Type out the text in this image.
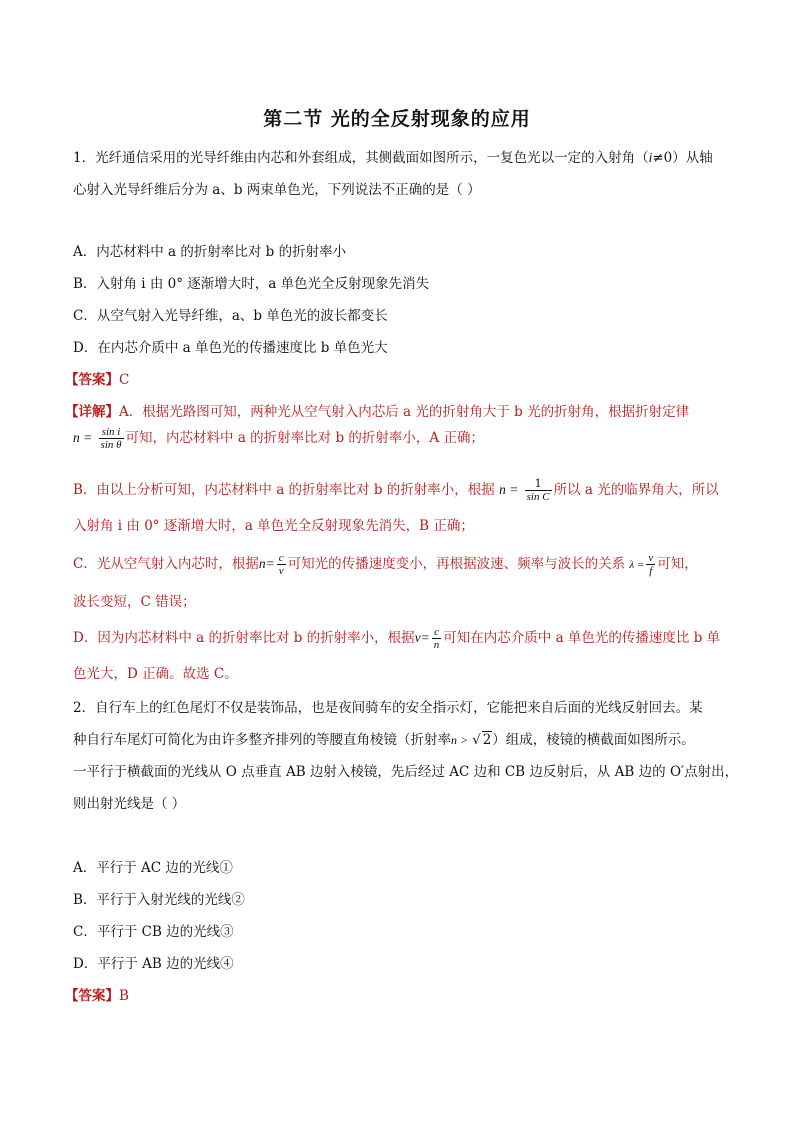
第二节 光的全反射现象的应用
1．光纤通信采用的光导纤维由内芯和外套组成，其侧截面如图所示，一复色光以一定的入射角（i≠0）从轴
心射入光导纤维后分为 a、b 两束单色光，下列说法不正确的是（ ）
A．内芯材料中 a 的折射率比对 b 的折射率小
B．入射角 i 由 0° 逐渐增大时，a 单色光全反射现象先消失
C．从空气射入光导纤维，a、b 单色光的波长都变长
D．在内芯介质中 a 单色光的传播速度比 b 单色光大
【答案】C
【详解】A．根据光路图可知，两种光从空气射入内芯后 a 光的折射角大于 b 光的折射角，根据折射定律
$n = \frac{\text{sin i}}{\text{sin θ}}$ 可知，内芯材料中 a 的折射率比对 b 的折射率小，A 正确；
B．由以上分析可知，内芯材料中 a 的折射率比对 b 的折射率小，根据 $n = \frac{1}{\text{sin C}}$ 所以 a 光的临界角大，所以
入射角 i 由 0° 逐渐增大时，a 单色光全反射现象先消失，B 正确；
C．光从空气射入内芯时，根据$n= \frac{c}{v}$ 可知光的传播速度变小，再根据波速、频率与波长的关系 $\lambda = \frac{v}{f}$ 可知，
波长变短，C 错误；
D．因为内芯材料中 a 的折射率比对 b 的折射率小，根据$v= \frac{c}{n}$ 可知在内芯介质中 a 单色光的传播速度比 b 单
色光大，D 正确。故选 C。
2．自行车上的红色尾灯不仅是装饰品，也是夜间骑车的安全指示灯，它能把来自后面的光线反射回去。某
种自行车尾灯可简化为由许多整齐排列的等腰直角棱镜（折射率n > √ 2）组成，棱镜的横截面如图所示。
一平行于横截面的光线从 O 点垂直 AB 边射入棱镜，先后经过 AC 边和 CB 边反射后，从 AB 边的 O′点射出，
则出射光线是（ ）
A．平行于 AC 边的光线①
B．平行于入射光线的光线②
C．平行于 CB 边的光线③
D．平行于 AB 边的光线④
【答案】B
